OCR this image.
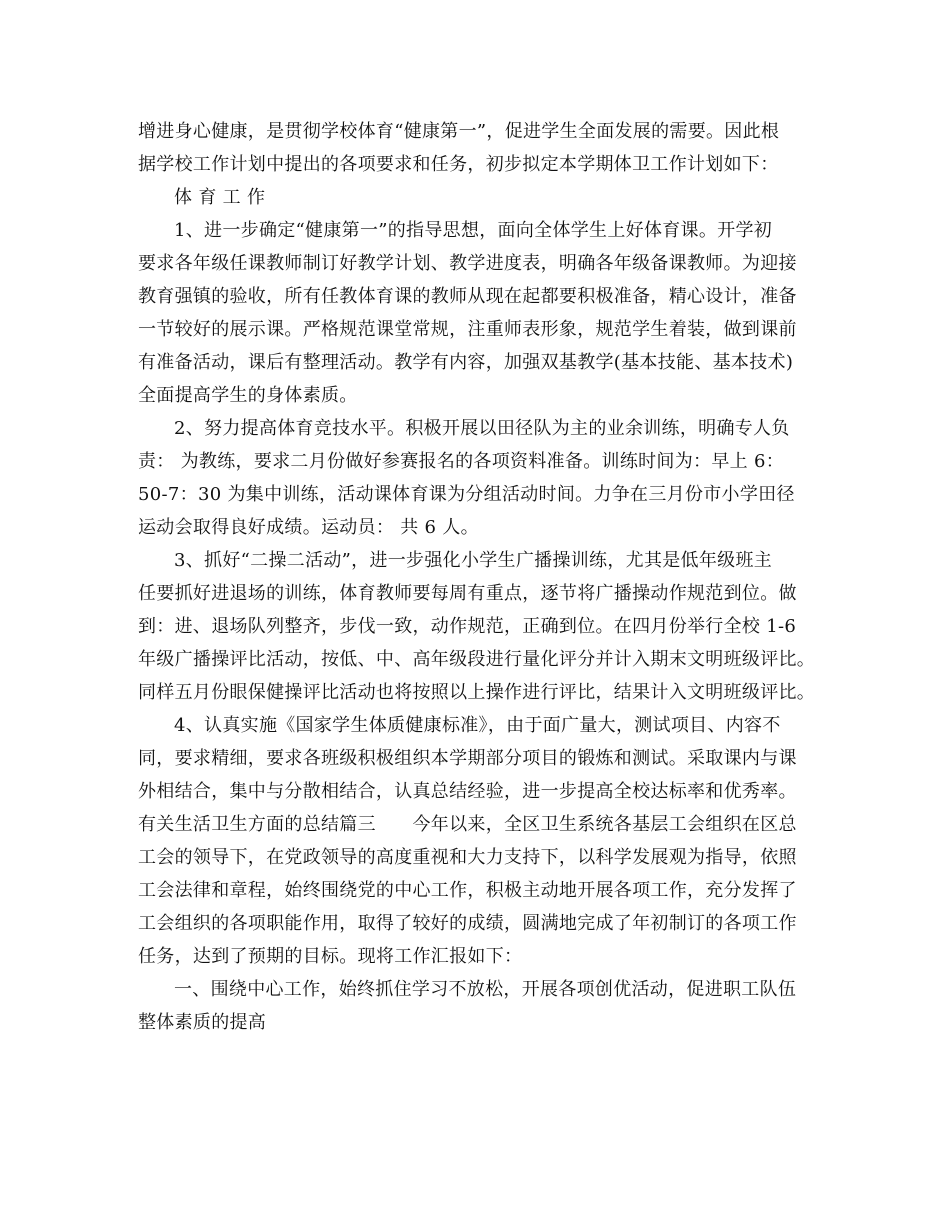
增进身心健康，是贯彻学校体育“健康第一”，促进学生全面发展的需要。因此根
据学校工作计划中提出的各项要求和任务，初步拟定本学期体卫工作计划如下：
体 育 工 作
1、进一步确定“健康第一”的指导思想，面向全体学生上好体育课。开学初
要求各年级任课教师制订好教学计划、教学进度表，明确各年级备课教师。为迎接
教育强镇的验收，所有任教体育课的教师从现在起都要积极准备，精心设计，准备
一节较好的展示课。严格规范课堂常规，注重师表形象，规范学生着装，做到课前
有准备活动，课后有整理活动。教学有内容，加强双基教学(基本技能、基本技术)
全面提高学生的身体素质。
2、努力提高体育竞技水平。积极开展以田径队为主的业余训练，明确专人负
责： 为教练，要求二月份做好参赛报名的各项资料准备。训练时间为：早上 6：
50-7：30 为集中训练，活动课体育课为分组活动时间。力争在三月份市小学田径
运动会取得良好成绩。运动员： 共 6 人。
3、抓好“二操二活动”，进一步强化小学生广播操训练，尤其是低年级班主
任要抓好进退场的训练，体育教师要每周有重点，逐节将广播操动作规范到位。做
到：进、退场队列整齐，步伐一致，动作规范，正确到位。在四月份举行全校 1-6
年级广播操评比活动，按低、中、高年级段进行量化评分并计入期末文明班级评比。
同样五月份眼保健操评比活动也将按照以上操作进行评比，结果计入文明班级评比。
4、认真实施《国家学生体质健康标准》，由于面广量大，测试项目、内容不
同，要求精细，要求各班级积极组织本学期部分项目的锻炼和测试。采取课内与课
外相结合，集中与分散相结合，认真总结经验，进一步提高全校达标率和优秀率。
有关生活卫生方面的总结篇三　　今年以来，全区卫生系统各基层工会组织在区总
工会的领导下，在党政领导的高度重视和大力支持下，以科学发展观为指导，依照
工会法律和章程，始终围绕党的中心工作，积极主动地开展各项工作，充分发挥了
工会组织的各项职能作用，取得了较好的成绩，圆满地完成了年初制订的各项工作
任务，达到了预期的目标。现将工作汇报如下：
一、围绕中心工作，始终抓住学习不放松，开展各项创优活动，促进职工队伍
整体素质的提高
